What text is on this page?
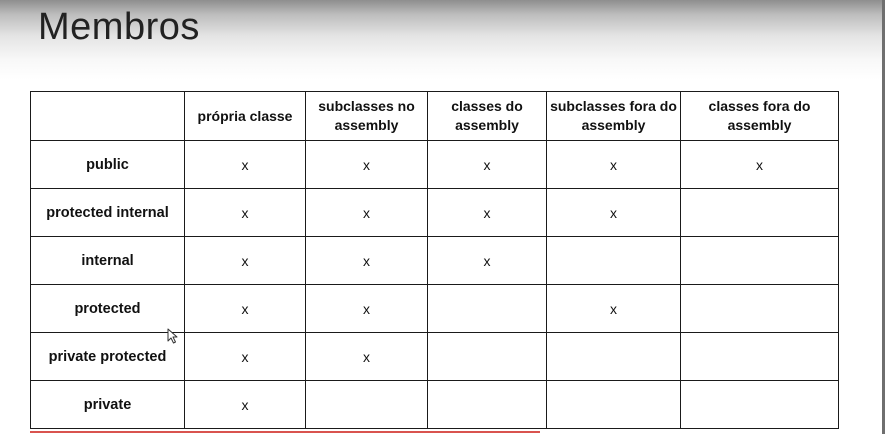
Membros
	própria classe	subclasses no assembly	classes do assembly	subclasses fora do assembly	classes fora do assembly
public	x	x	x	x	x
protected internal	x	x	x	x	
internal	x	x	x		
protected	x	x		x	
private protected	x	x			
private	x				
